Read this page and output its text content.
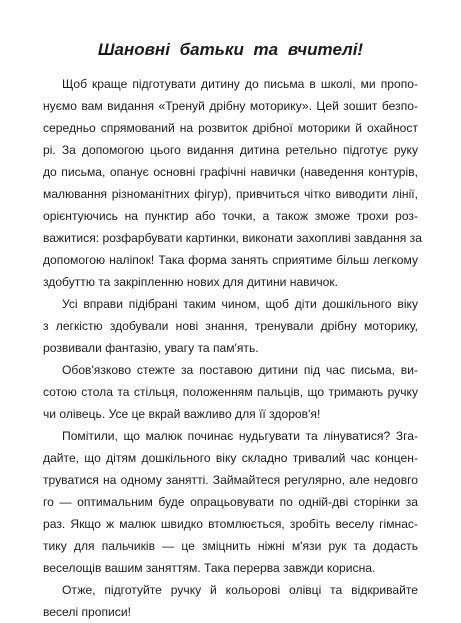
Шановні батьки та вчителі!
Щоб краще підготувати дитину до письма в школі, ми пропо-
нуємо вам видання «Тренуй дрібну моторику». Цей зошит безпо-
середньо спрямований на розвиток дрібної моторики й охайност
рі. За допомогою цього видання дитина ретельно підготує руку
до письма, опанує основні графічні навички (наведення контурів,
малювання різноманітних фігур), привчиться чітко виводити лінії,
орієнтуючись на пунктир або точки, а також зможе трохи роз-
важитися: розфарбувати картинки, виконати захопливі завдання за
допомогою наліпок! Така форма занять сприятиме більш легкому
здобуттю та закріпленню нових для дитини навичок.
Усі вправи підібрані таким чином, щоб діти дошкільного віку
з легкістю здобували нові знання, тренували дрібну моторику,
розвивали фантазію, увагу та пам'ять.
Обов'язково стежте за поставою дитини під час письма, ви-
сотою стола та стільця, положенням пальців, що тримають ручку
чи олівець. Усе це вкрай важливо для її здоров'я!
Помітили, що малюк починає нудьгувати та лінуватися? Зга-
дайте, що дітям дошкільного віку складно тривалий час концен-
труватися на одному занятті. Займайтеся регулярно, але недовго
го — оптимальним буде опрацьовувати по одній-дві сторінки за
раз. Якщо ж малюк швидко втомлюється, зробіть веселу гімнас-
тику для пальчиків — це зміцнить ніжні м'язи рук та додасть
веселощів вашим заняттям. Така перерва завжди корисна.
Отже, підготуйте ручку й кольорові олівці та відкривайте
веселі прописи!
